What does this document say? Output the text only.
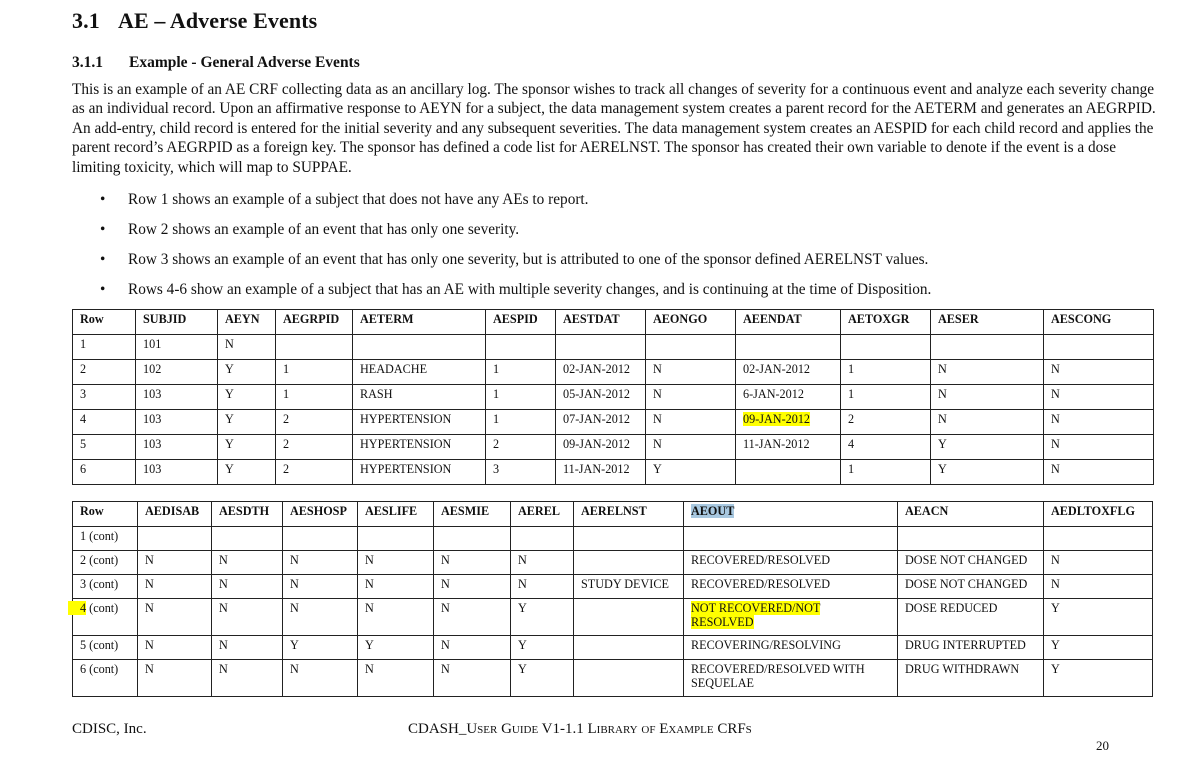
3.1 AE – Adverse Events
3.1.1 Example - General Adverse Events
This is an example of an AE CRF collecting data as an ancillary log. The sponsor wishes to track all changes of severity for a continuous event and analyze each severity change as an individual record. Upon an affirmative response to AEYN for a subject, the data management system creates a parent record for the AETERM and generates an AEGRPID. An add-entry, child record is entered for the initial severity and any subsequent severities. The data management system creates an AESPID for each child record and applies the parent record’s AEGRPID as a foreign key. The sponsor has defined a code list for AERELNST. The sponsor has created their own variable to denote if the event is a dose limiting toxicity, which will map to SUPPAE.
• Row 1 shows an example of a subject that does not have any AEs to report.
• Row 2 shows an example of an event that has only one severity.
• Row 3 shows an example of an event that has only one severity, but is attributed to one of the sponsor defined AERELNST values.
• Rows 4-6 show an example of a subject that has an AE with multiple severity changes, and is continuing at the time of Disposition.
Row	SUBJID	AEYN	AEGRPID	AETERM	AESPID	AESTDAT	AEONGO	AEENDAT	AETOXGR	AESER	AESCONG
1	101	N									
2	102	Y	1	HEADACHE	1	02-JAN-2012	N	02-JAN-2012	1	N	N
3	103	Y	1	RASH	1	05-JAN-2012	N	6-JAN-2012	1	N	N
4	103	Y	2	HYPERTENSION	1	07-JAN-2012	N	09-JAN-2012	2	N	N
5	103	Y	2	HYPERTENSION	2	09-JAN-2012	N	11-JAN-2012	4	Y	N
6	103	Y	2	HYPERTENSION	3	11-JAN-2012	Y		1	Y	N
Row	AEDISAB	AESDTH	AESHOSP	AESLIFE	AESMIE	AEREL	AERELNST	AEOUT	AEACN	AEDLTOXFLG
1 (cont)										
2 (cont)	N	N	N	N	N	N		RECOVERED/RESOLVED	DOSE NOT CHANGED	N
3 (cont)	N	N	N	N	N	N	STUDY DEVICE	RECOVERED/RESOLVED	DOSE NOT CHANGED	N

4 (cont)	N	N	N	N	N	Y		NOT RECOVERED/NOT
RESOLVED	DOSE REDUCED	Y
5 (cont)	N	N	Y	Y	N	Y		RECOVERING/RESOLVING	DRUG INTERRUPTED	Y
6 (cont)	N	N	N	N	N	Y		RECOVERED/RESOLVED WITH
SEQUELAE	DRUG WITHDRAWN	Y
CDISC, Inc.	CDASH_User Guide V1-1.1 Library of Example CRFs
20
